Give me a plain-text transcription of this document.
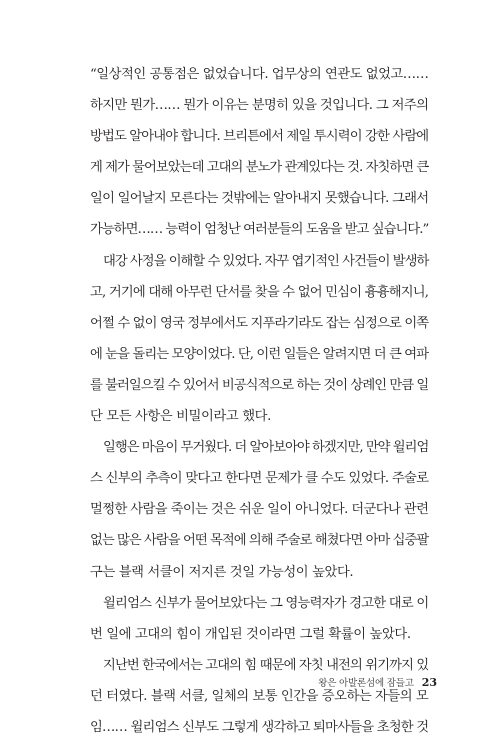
“일상적인 공통점은 없었습니다. 업무상의 연관도 없었고……
하지만 뭔가…… 뭔가 이유는 분명히 있을 것입니다. 그 저주의
방법도 알아내야 합니다. 브리튼에서 제일 투시력이 강한 사람에
게 제가 물어보았는데 고대의 분노가 관계있다는 것. 자칫하면 큰
일이 일어날지 모른다는 것밖에는 알아내지 못했습니다. 그래서
가능하면…… 능력이 엄청난 여러분들의 도움을 받고 싶습니다.”
대강 사정을 이해할 수 있었다. 자꾸 엽기적인 사건들이 발생하
고, 거기에 대해 아무런 단서를 찾을 수 없어 민심이 흉흉해지니,
어쩔 수 없이 영국 정부에서도 지푸라기라도 잡는 심정으로 이쪽
에 눈을 돌리는 모양이었다. 단, 이런 일들은 알려지면 더 큰 여파
를 불러일으킬 수 있어서 비공식적으로 하는 것이 상례인 만큼 일
단 모든 사항은 비밀이라고 했다.
일행은 마음이 무거웠다. 더 알아보아야 하겠지만, 만약 윌리엄
스 신부의 추측이 맞다고 한다면 문제가 클 수도 있었다. 주술로
멀쩡한 사람을 죽이는 것은 쉬운 일이 아니었다. 더군다나 관련
없는 많은 사람을 어떤 목적에 의해 주술로 해쳤다면 아마 십중팔
구는 블랙 서클이 저지른 것일 가능성이 높았다.
윌리엄스 신부가 물어보았다는 그 영능력자가 경고한 대로 이
번 일에 고대의 힘이 개입된 것이라면 그럴 확률이 높았다.
지난번 한국에서는 고대의 힘 때문에 자칫 내전의 위기까지 있
던 터였다. 블랙 서클, 일체의 보통 인간을 증오하는 자들의 모
임…… 윌리엄스 신부도 그렇게 생각하고 퇴마사들을 초청한 것
왕은 아발론섬에 잠들고 23
